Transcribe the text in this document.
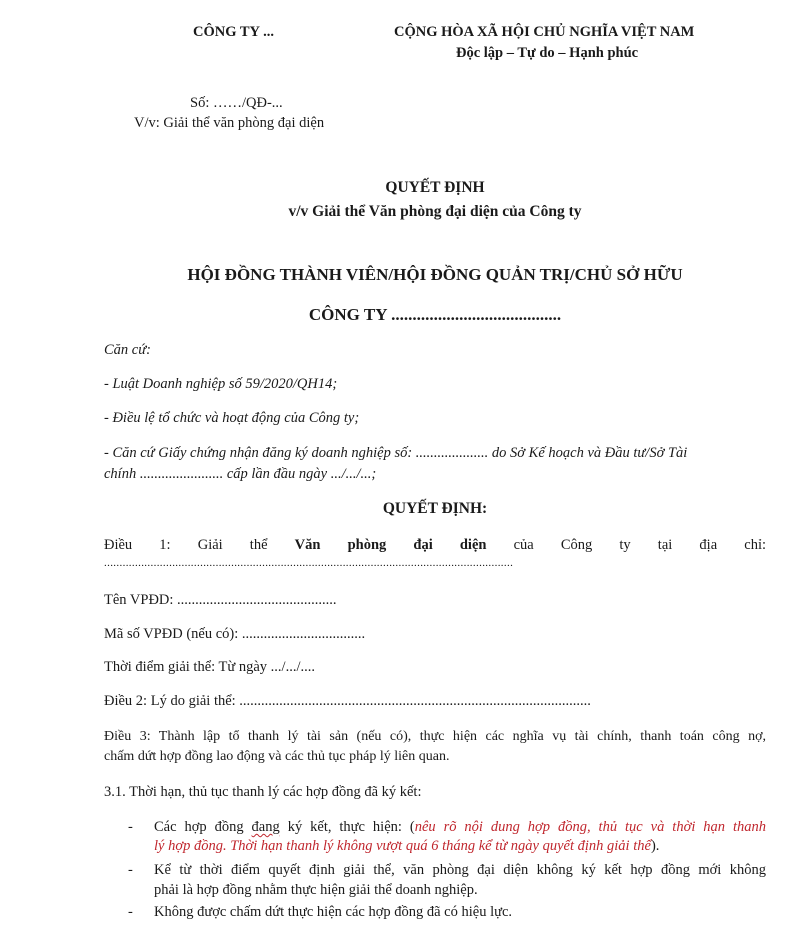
CÔNG TY ...	CỘNG HÒA XÃ HỘI CHỦ NGHĨA VIỆT NAM
Độc lập – Tự do – Hạnh phúc
Số: ……/QĐ-...
V/v: Giải thể văn phòng đại diện
QUYẾT ĐỊNH
v/v Giải thể Văn phòng đại diện của Công ty
HỘI ĐỒNG THÀNH VIÊN/HỘI ĐỒNG QUẢN TRỊ/CHỦ SỞ HỮU
CÔNG TY ........................................
Căn cứ:
- Luật Doanh nghiệp số 59/2020/QH14;
- Điều lệ tổ chức và hoạt động của Công ty;
- Căn cứ Giấy chứng nhận đăng ký doanh nghiệp số: .................... do Sở Kế hoạch và Đầu tư/Sở Tài
chính ....................... cấp lần đầu ngày .../.../...;
QUYẾT ĐỊNH:
Điều 1: Giải thể Văn phòng đại diện của Công ty tại địa chỉ:
....................................................................................................................................
Tên VPĐD: ............................................
Mã số VPĐD (nếu có): ..................................
Thời điểm giải thể: Từ ngày .../.../....
Điều 2: Lý do giải thể: .................................................................................................
Điều 3: Thành lập tổ thanh lý tài sản (nếu có), thực hiện các nghĩa vụ tài chính, thanh toán công nợ,
chấm dứt hợp đồng lao động và các thủ tục pháp lý liên quan.
3.1. Thời hạn, thủ tục thanh lý các hợp đồng đã ký kết:
- Các hợp đồng đang ký kết, thực hiện: (nêu rõ nội dung hợp đồng, thủ tục và thời hạn thanh
lý hợp đồng. Thời hạn thanh lý không vượt quá 6 tháng kể từ ngày quyết định giải thể).
- Kể từ thời điểm quyết định giải thể, văn phòng đại diện không ký kết hợp đồng mới không
phải là hợp đồng nhằm thực hiện giải thể doanh nghiệp.
- Không được chấm dứt thực hiện các hợp đồng đã có hiệu lực.
